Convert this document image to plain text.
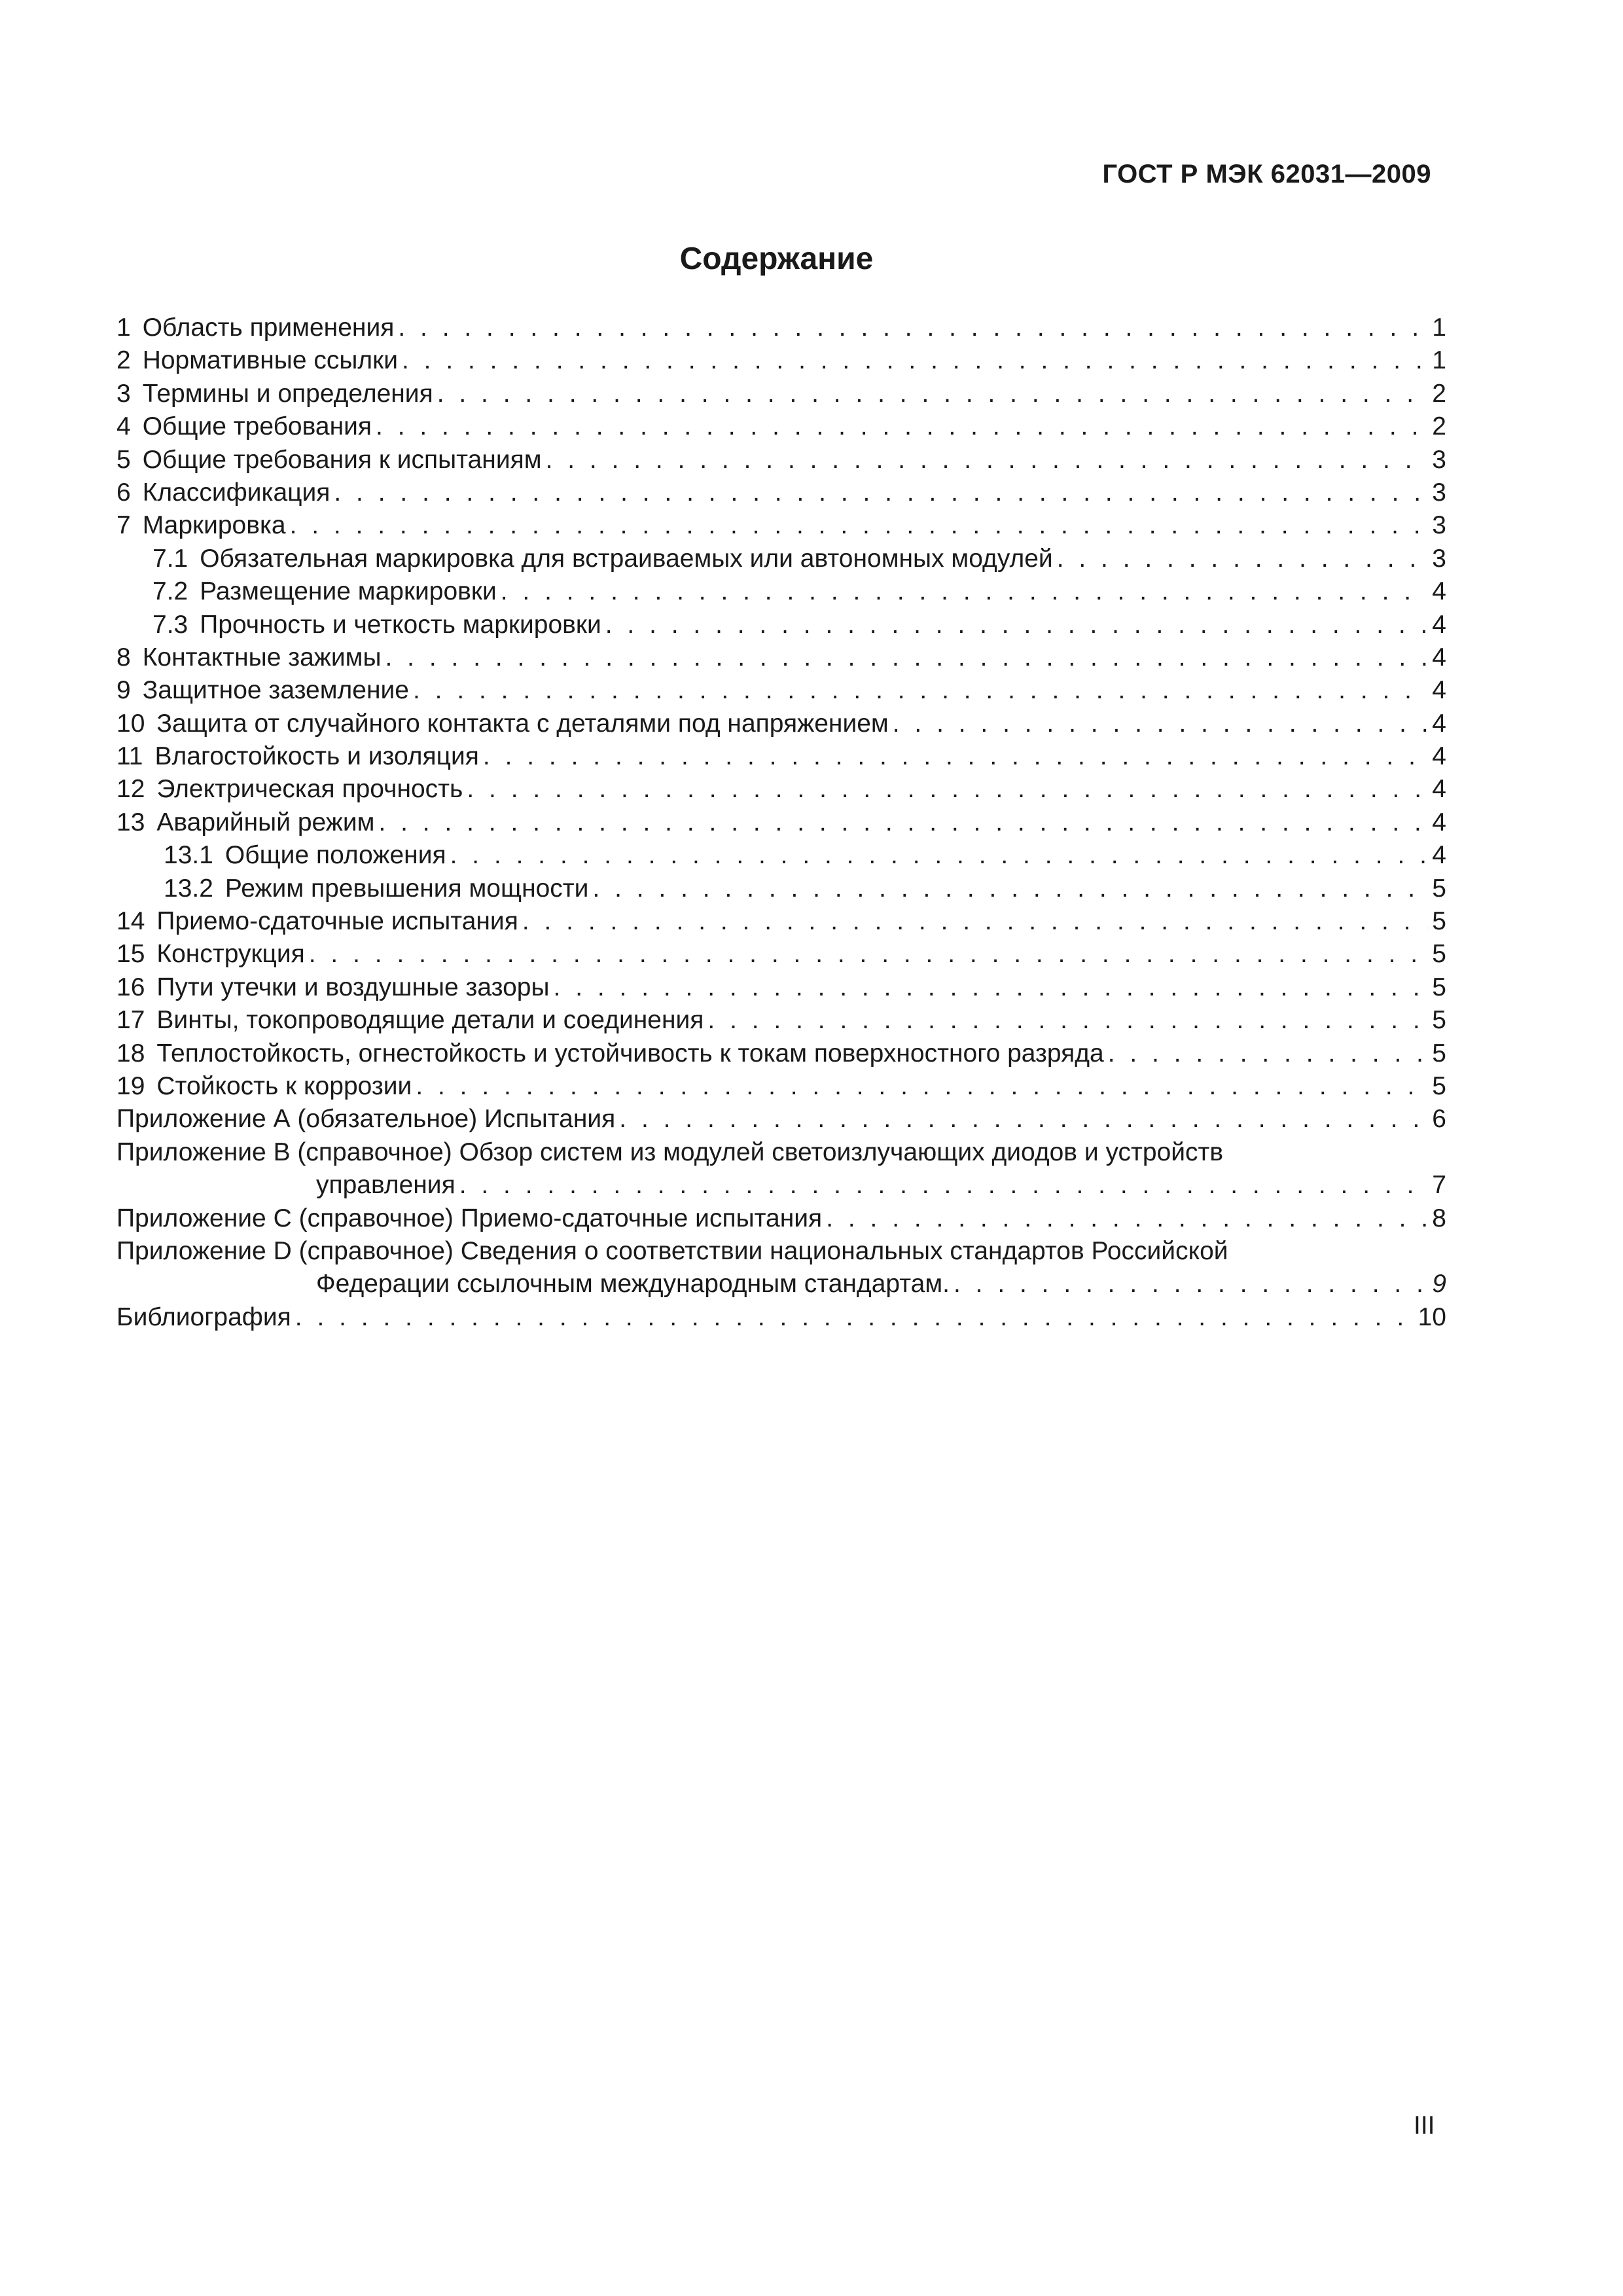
ГОСТ Р МЭК 62031—2009
Содержание
1 Область применения . . .	1
2 Нормативные ссылки . . .	1
3 Термины и определения . . .	2
4 Общие требования . . .	2
5 Общие требования к испытаниям . . .	3
6 Классификация . . .	3
7 Маркировка . . .	3
7.1 Обязательная маркировка для встраиваемых или автономных модулей . . .	3
7.2 Размещение маркировки . . .	4
7.3 Прочность и четкость маркировки . . .	4
8 Контактные зажимы . . .	4
9 Защитное заземление . . .	4
10 Защита от случайного контакта с деталями под напряжением . . .	4
11 Влагостойкость и изоляция . . .	4
12 Электрическая прочность . . .	4
13 Аварийный режим . . .	4
13.1 Общие положения . . .	4
13.2 Режим превышения мощности . . .	5
14 Приемо-сдаточные испытания . . .	5
15 Конструкция . . .	5
16 Пути утечки и воздушные зазоры . . .	5
17 Винты, токопроводящие детали и соединения . . .	5
18 Теплостойкость, огнестойкость и устойчивость к токам поверхностного разряда . . .	5
19 Стойкость к коррозии . . .	5
Приложение А (обязательное) Испытания . . .	6
Приложение В (справочное) Обзор систем из модулей светоизлучающих диодов и устройств
управления . . .	7
Приложение С (справочное) Приемо-сдаточные испытания . . .	8
Приложение D (справочное) Сведения о соответствии национальных стандартов Российской
Федерации ссылочным международным стандартам. . . .	9
Библиография . . .	10
III
